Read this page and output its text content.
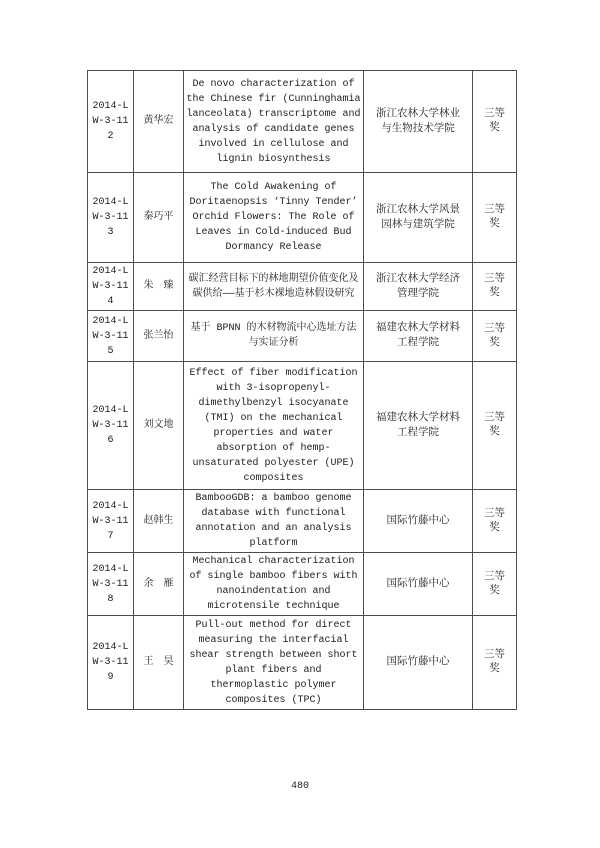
2014-LW-3-112	黄华宏	De novo characterization of the Chinese fir (Cunninghamia lanceolata) transcriptome and analysis of candidate genes involved in cellulose and lignin biosynthesis	浙江农林大学林业与生物技术学院	三等奖
2014-LW-3-113	秦巧平	The Cold Awakening of Doritaenopsis ‘Tinny Tender’ Orchid Flowers: The Role of Leaves in Cold-induced Bud Dormancy Release	浙江农林大学风景园林与建筑学院	三等奖
2014-LW-3-114	朱　臻	碳汇经营目标下的林地期望价值变化及碳供给——基于杉木裸地造林假设研究	浙江农林大学经济管理学院	三等奖
2014-LW-3-115	张兰怡	基于 BPNN 的木材物流中心选址方法与实证分析	福建农林大学材料工程学院	三等奖
2014-LW-3-116	刘文地	Effect of fiber modification with 3-isopropenyl-dimethylbenzyl isocyanate (TMI) on the mechanical properties and water absorption of hemp-unsaturated polyester (UPE) composites	福建农林大学材料工程学院	三等奖
2014-LW-3-117	赵韩生	BambooGDB: a bamboo genome database with functional annotation and an analysis platform	国际竹藤中心	三等奖
2014-LW-3-118	余　雁	Mechanical characterization of single bamboo fibers with nanoindentation and microtensile technique	国际竹藤中心	三等奖
2014-LW-3-119	王　昊	Pull-out method for direct measuring the interfacial shear strength between short plant fibers and thermoplastic polymer composites (TPC)	国际竹藤中心	三等奖
480
